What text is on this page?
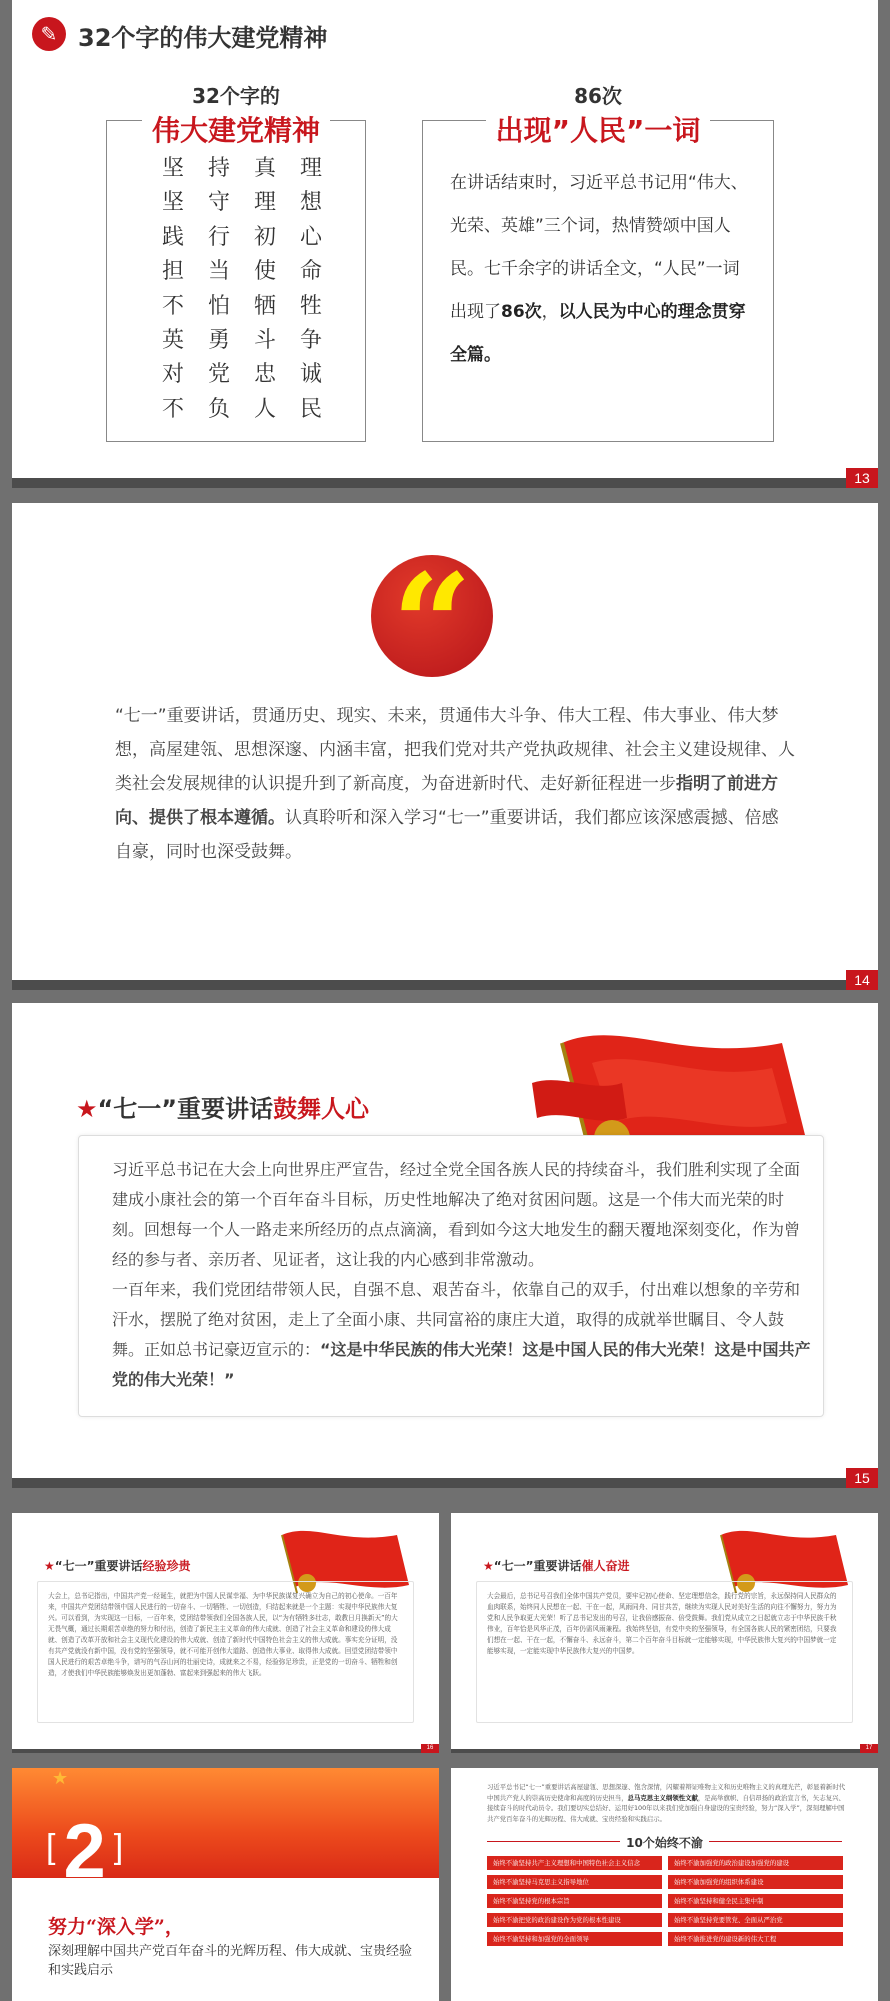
✎ 32个字的伟大建党精神
32个字的
伟大建党精神
坚 持 真 理
坚 守 理 想
践 行 初 心
担 当 使 命
不 怕 牺 牲
英 勇 斗 争
对 党 忠 诚
不 负 人 民
86次
出现”人民”一词
在讲话结束时，习近平总书记用“伟大、光荣、英雄”三个词，热情赞颂中国人民。七千余字的讲话全文，“人民”一词出现了86次，以人民为中心的理念贯穿全篇。
13
“
“七一”重要讲话，贯通历史、现实、未来，贯通伟大斗争、伟大工程、伟大事业、伟大梦想，高屋建瓴、思想深邃、内涵丰富，把我们党对共产党执政规律、社会主义建设规律、人类社会发展规律的认识提升到了新高度，为奋进新时代、走好新征程进一步指明了前进方向、提供了根本遵循。认真聆听和深入学习“七一”重要讲话，我们都应该深感震撼、倍感自豪，同时也深受鼓舞。
14
★“七一”重要讲话鼓舞人心

习近平总书记在大会上向世界庄严宣告，经过全党全国各族人民的持续奋斗，我们胜利实现了全面建成小康社会的第一个百年奋斗目标，历史性地解决了绝对贫困问题。这是一个伟大而光荣的时刻。回想每一个人一路走来所经历的点点滴滴，看到如今这大地发生的翻天覆地深刻变化，作为曾经的参与者、亲历者、见证者，这让我的内心感到非常激动。

一百年来，我们党团结带领人民，自强不息、艰苦奋斗，依靠自己的双手，付出难以想象的辛劳和汗水，摆脱了绝对贫困，走上了全面小康、共同富裕的康庄大道，取得的成就举世瞩目、令人鼓舞。正如总书记豪迈宣示的：“这是中华民族的伟大光荣！这是中国人民的伟大光荣！这是中国共产党的伟大光荣！”

15
★“七一”重要讲话经验珍贵
大会上，总书记指出，中国共产党一经诞生，就把为中国人民谋幸福、为中华民族谋复兴确立为自己的初心使命。一百年来，中国共产党团结带领中国人民进行的一切奋斗、一切牺牲、一切创造，归结起来就是一个主题：实现中华民族伟大复兴。可以看到，为实现这一目标，一百年来，党团结带领我们全国各族人民，以“为有牺牲多壮志，敢教日月换新天”的大无畏气概，通过长期艰苦卓绝的努力和付出，创造了新民主主义革命的伟大成就、创造了社会主义革命和建设的伟大成就、创造了改革开放和社会主义现代化建设的伟大成就、创造了新时代中国特色社会主义的伟大成就。事实充分证明，没有共产党就没有新中国，没有党的坚强领导，就不可能开创伟大道路、创造伟大事业、取得伟大成就。回望党团结带领中国人民进行的艰苦卓绝斗争，谱写的气吞山河的壮丽史诗，成就来之不易，经验弥足珍贵，正是党的一切奋斗、牺牲和创造，才使我们中华民族能够焕发出更加蓬勃、富起来到强起来的伟大飞跃。
16
★“七一”重要讲话催人奋进
大会最后，总书记号召我们全体中国共产党员，要牢记初心使命、坚定理想信念，践行党的宗旨，永远保持同人民群众的血肉联系，始终同人民想在一起、干在一起，风雨同舟、同甘共苦，继续为实现人民对美好生活的向往不懈努力，努力为党和人民争取更大光荣！听了总书记发出的号召，让我倍感振奋、倍受鼓舞。我们党从成立之日起就立志于中华民族千秋伟业，百年恰是风华正茂，百年仍需风雨兼程。我始终坚信，有党中央的坚强领导，有全国各族人民的紧密团结，只要我们想在一起、干在一起，不懈奋斗、永远奋斗，第二个百年奋斗目标就一定能够实现，中华民族伟大复兴的中国梦就一定能够实现，一定能实现中华民族伟大复兴的中国梦。
17
★
[ 2 ]
努力“深入学”，
深刻理解中国共产党百年奋斗的光辉历程、伟大成就、宝贵经验和实践启示
习近平总书记“七一”重要讲话高屋建瓴、思想深邃、饱含深情，闪耀着辩证唯物主义和历史唯物主义的真理光芒，彰显着新时代中国共产党人的崇高历史使命和高度的历史担当，总马克思主义纲领性文献，是高举旗帜、自信昂扬的政治宣言书，矢志复兴、接续奋斗的时代动员令。我们要切实总结好、运用好100年以来我们党加强自身建设的宝贵经验，努力“深入学”，深刻理解中国共产党百年奋斗的光辉历程、伟大成就、宝贵经验和实践启示。
10个始终不渝
始终不渝坚持共产主义理想和中国特色社会主义信念	始终不渝加强党的政治建设加强党的建设
始终不渝坚持马克思主义指导地位	始终不渝加强党的组织体系建设
始终不渝坚持党的根本宗旨	始终不渝坚持和健全民主集中制
始终不渝把党的政治建设作为党的根本性建设	始终不渝坚持党要管党、全面从严治党
始终不渝坚持和加强党的全面领导	始终不渝推进党的建设新的伟大工程
